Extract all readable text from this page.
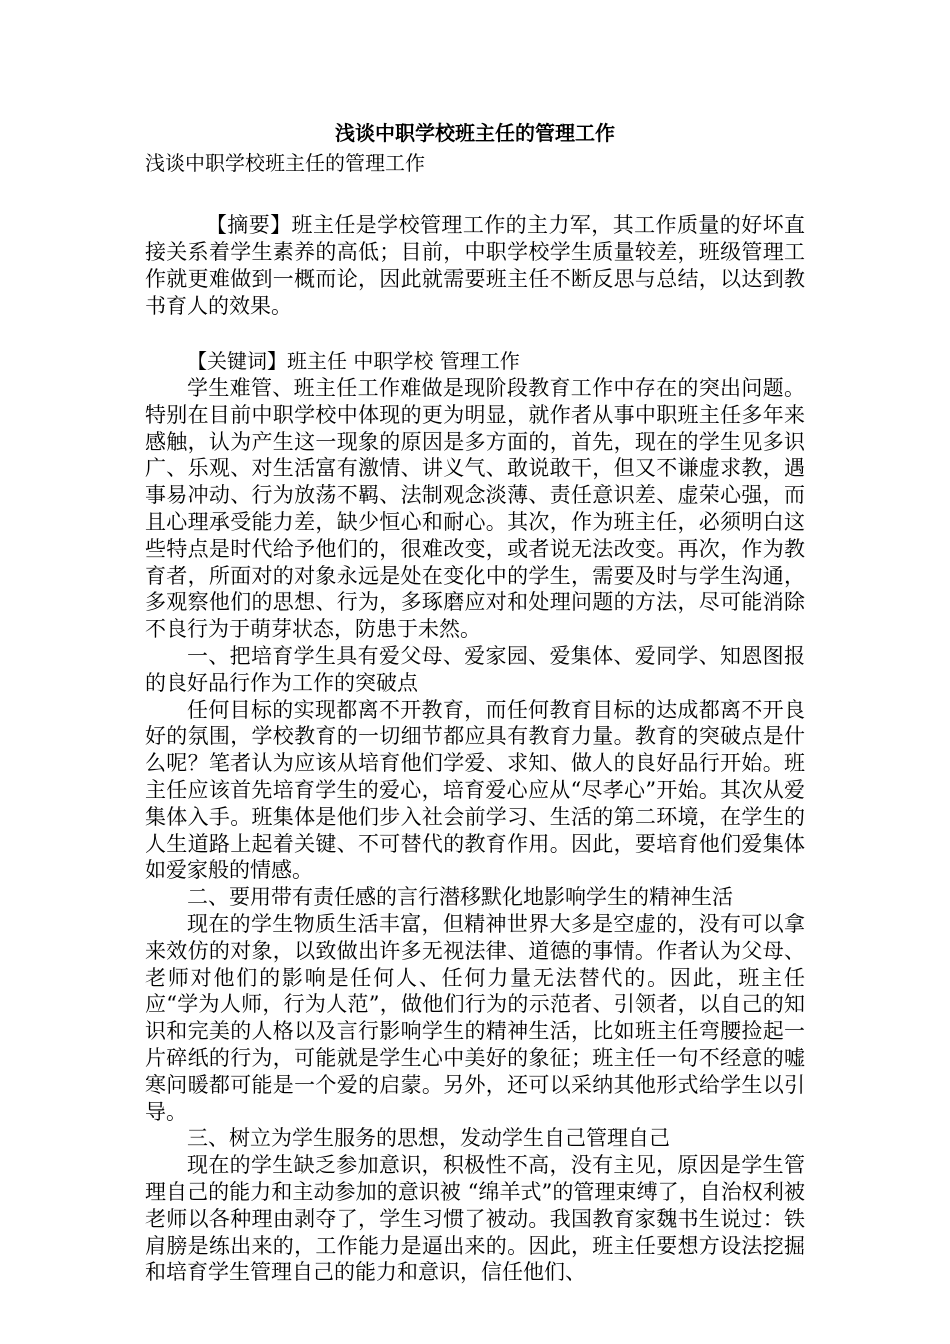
浅谈中职学校班主任的管理工作

浅谈中职学校班主任的管理工作

【摘要】班主任是学校管理工作的主力军，其工作质量的好坏直接关系着学生素养的高低；目前，中职学校学生质量较差，班级管理工作就更难做到一概而论，因此就需要班主任不断反思与总结，以达到教书育人的效果。

【关键词】班主任 中职学校 管理工作

学生难管、班主任工作难做是现阶段教育工作中存在的突出问题。特别在目前中职学校中体现的更为明显，就作者从事中职班主任多年来感触，认为产生这一现象的原因是多方面的，首先，现在的学生见多识广、乐观、对生活富有激情、讲义气、敢说敢干，但又不谦虚求教，遇事易冲动、行为放荡不羁、法制观念淡薄、责任意识差、虚荣心强，而且心理承受能力差，缺少恒心和耐心。其次，作为班主任，必须明白这些特点是时代给予他们的，很难改变，或者说无法改变。再次，作为教育者，所面对的对象永远是处在变化中的学生，需要及时与学生沟通，多观察他们的思想、行为，多琢磨应对和处理问题的方法，尽可能消除不良行为于萌芽状态，防患于未然。

一、把培育学生具有爱父母、爱家园、爱集体、爱同学、知恩图报的良好品行作为工作的突破点

任何目标的实现都离不开教育，而任何教育目标的达成都离不开良好的氛围，学校教育的一切细节都应具有教育力量。教育的突破点是什么呢？笔者认为应该从培育他们学爱、求知、做人的良好品行开始。班主任应该首先培育学生的爱心，培育爱心应从“尽孝心”开始。其次从爱集体入手。班集体是他们步入社会前学习、生活的第二环境，在学生的人生道路上起着关键、不可替代的教育作用。因此，要培育他们爱集体如爱家般的情感。

二、要用带有责任感的言行潜移默化地影响学生的精神生活

现在的学生物质生活丰富，但精神世界大多是空虚的，没有可以拿来效仿的对象，以致做出许多无视法律、道德的事情。作者认为父母、老师对他们的影响是任何人、任何力量无法替代的。因此，班主任应“学为人师，行为人范”，做他们行为的示范者、引领者，以自己的知识和完美的人格以及言行影响学生的精神生活，比如班主任弯腰捡起一片碎纸的行为，可能就是学生心中美好的象征；班主任一句不经意的嘘寒问暖都可能是一个爱的启蒙。另外，还可以采纳其他形式给学生以引导。

三、树立为学生服务的思想，发动学生自己管理自己

现在的学生缺乏参加意识，积极性不高，没有主见，原因是学生管理自己的能力和主动参加的意识被 “绵羊式”的管理束缚了，自治权利被老师以各种理由剥夺了，学生习惯了被动。我国教育家魏书生说过：铁肩膀是练出来的，工作能力是逼出来的。因此，班主任要想方设法挖掘和培育学生管理自己的能力和意识，信任他们、
